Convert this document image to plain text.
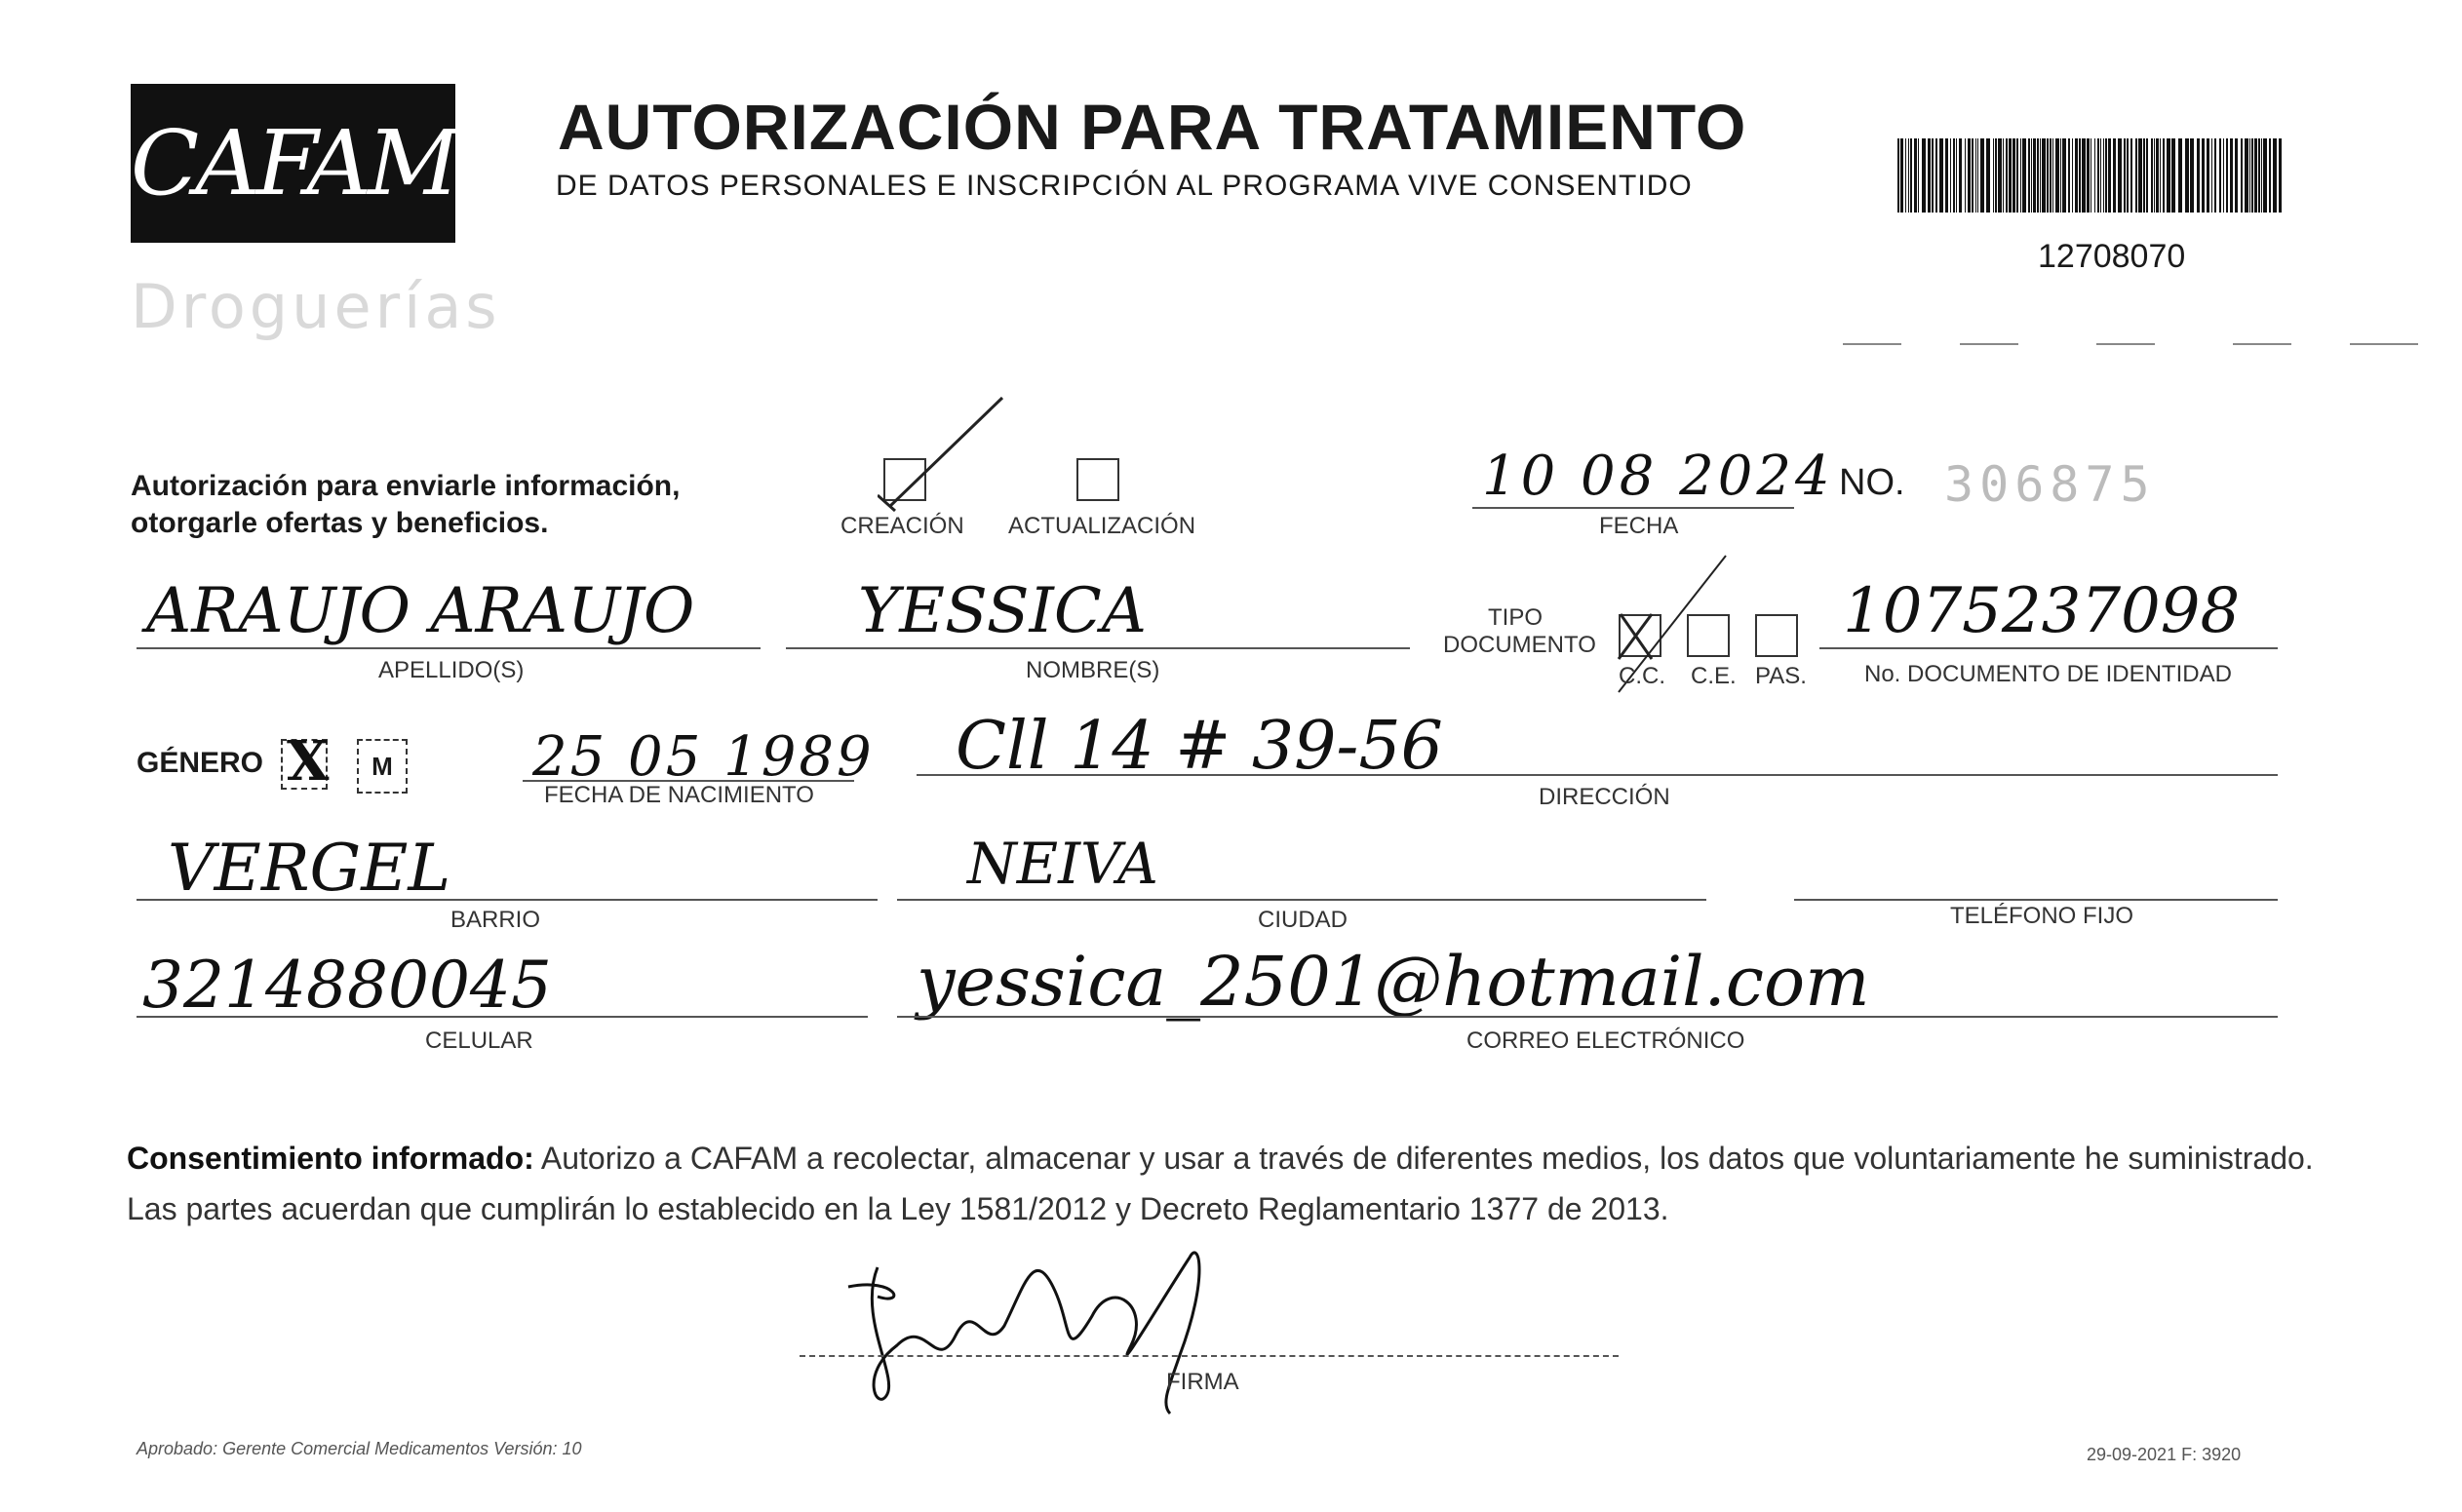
CAFAM
Droguerías
AUTORIZACIÓN PARA TRATAMIENTO
DE DATOS PERSONALES E INSCRIPCIÓN AL PROGRAMA VIVE CONSENTIDO
12708070
Autorización para enviarle información,
otorgarle ofertas y beneficios.	CREACIÓN ACTUALIZACIÓN
10 08 2024
FECHA
NO. 306875
ARAUJO ARAUJO
APELLIDO(S)
YESSICA
NOMBRE(S)
TIPO
DOCUMENTO
C.C. C.E. PAS.
1075237098
No. DOCUMENTO DE IDENTIDAD
GÉNERO X	M	25 05 1989
FECHA DE NACIMIENTO
Cll 14 # 39-56
DIRECCIÓN
VERGEL
BARRIO
NEIVA
CIUDAD	TELÉFONO FIJO
3214880045
CELULAR
yessica_2501@hotmail.com
CORREO ELECTRÓNICO
Consentimiento informado: Autorizo a CAFAM a recolectar, almacenar y usar a través de diferentes medios, los datos que voluntariamente he suministrado.
Las partes acuerdan que cumplirán lo establecido en la Ley 1581/2012 y Decreto Reglamentario 1377 de 2013.
FIRMA
Aprobado: Gerente Comercial Medicamentos Versión: 10	29-09-2021 F: 3920
